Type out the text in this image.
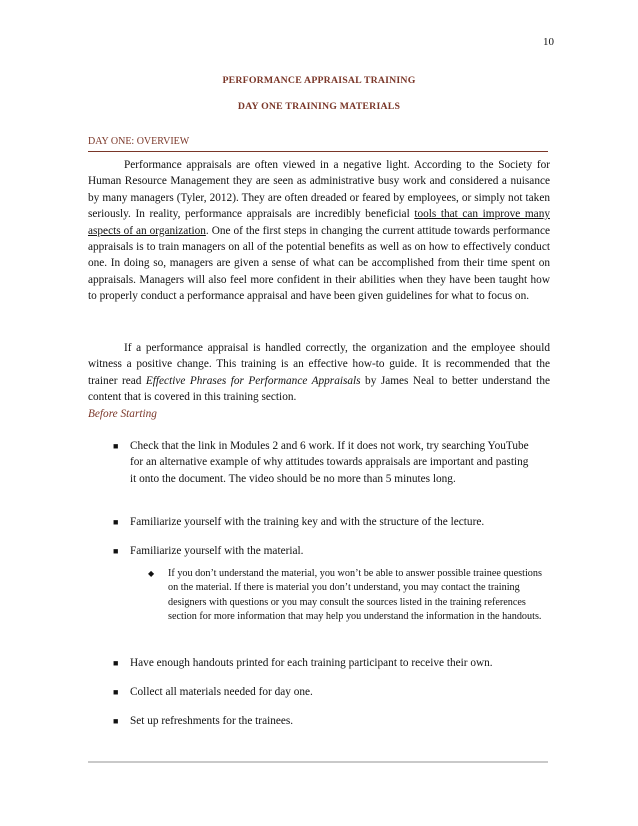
10
PERFORMANCE APPRAISAL TRAINING
DAY ONE TRAINING MATERIALS
DAY ONE: OVERVIEW

Performance appraisals are often viewed in a negative light. According to the Society for Human Resource Management they are seen as administrative busy work and considered a nuisance by many managers (Tyler, 2012). They are often dreaded or feared by employees, or simply not taken seriously. In reality, performance appraisals are incredibly beneficial tools that can improve many aspects of an organization. One of the first steps in changing the current attitude towards performance appraisals is to train managers on all of the potential benefits as well as on how to effectively conduct one. In doing so, managers are given a sense of what can be accomplished from their time spent on appraisals. Managers will also feel more confident in their abilities when they have been taught how to properly conduct a performance appraisal and have been given guidelines for what to focus on.

If a performance appraisal is handled correctly, the organization and the employee should witness a positive change. This training is an effective how-to guide. It is recommended that the trainer read Effective Phrases for Performance Appraisals by James Neal to better understand the content that is covered in this training section.

Before Starting
■ Check that the link in Modules 2 and 6 work. If it does not work, try searching YouTube for an alternative example of why attitudes towards appraisals are important and pasting it onto the document. The video should be no more than 5 minutes long.
■ Familiarize yourself with the training key and with the structure of the lecture.
■ Familiarize yourself with the material.
◆ If you don’t understand the material, you won’t be able to answer possible trainee questions on the material. If there is material you don’t understand, you may contact the training designers with questions or you may consult the sources listed in the training references section for more information that may help you understand the information in the handouts.
■ Have enough handouts printed for each training participant to receive their own.
■ Collect all materials needed for day one.
■ Set up refreshments for the trainees.
